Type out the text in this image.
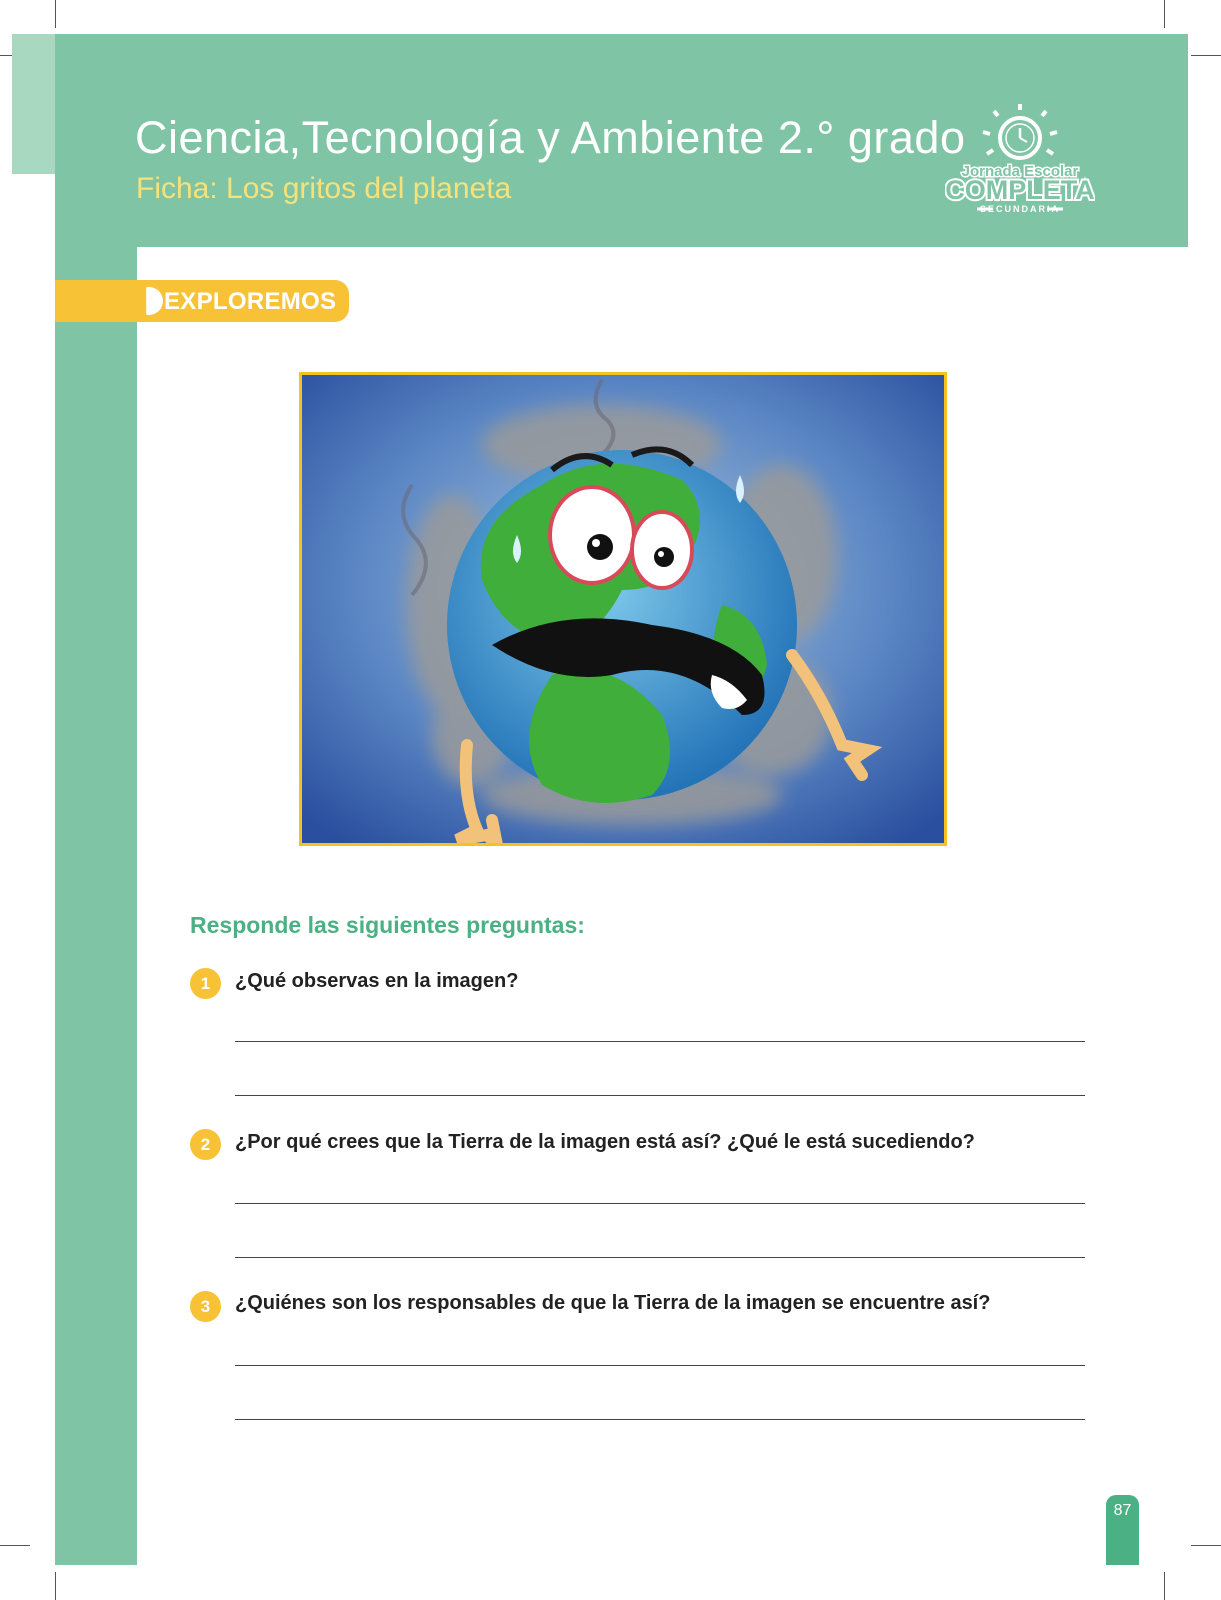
Ciencia,Tecnología y Ambiente 2.° grado
Ficha: Los gritos del planeta
Jornada Escolar
COMPLETA
SECUNDARIA
EXPLOREMOS
Responde las siguientes preguntas:
1	¿Qué observas en la imagen?
2	¿Por qué crees que la Tierra de la imagen está así? ¿Qué le está sucediendo?
3	¿Quiénes son los responsables de que la Tierra de la imagen se encuentre así?
87
